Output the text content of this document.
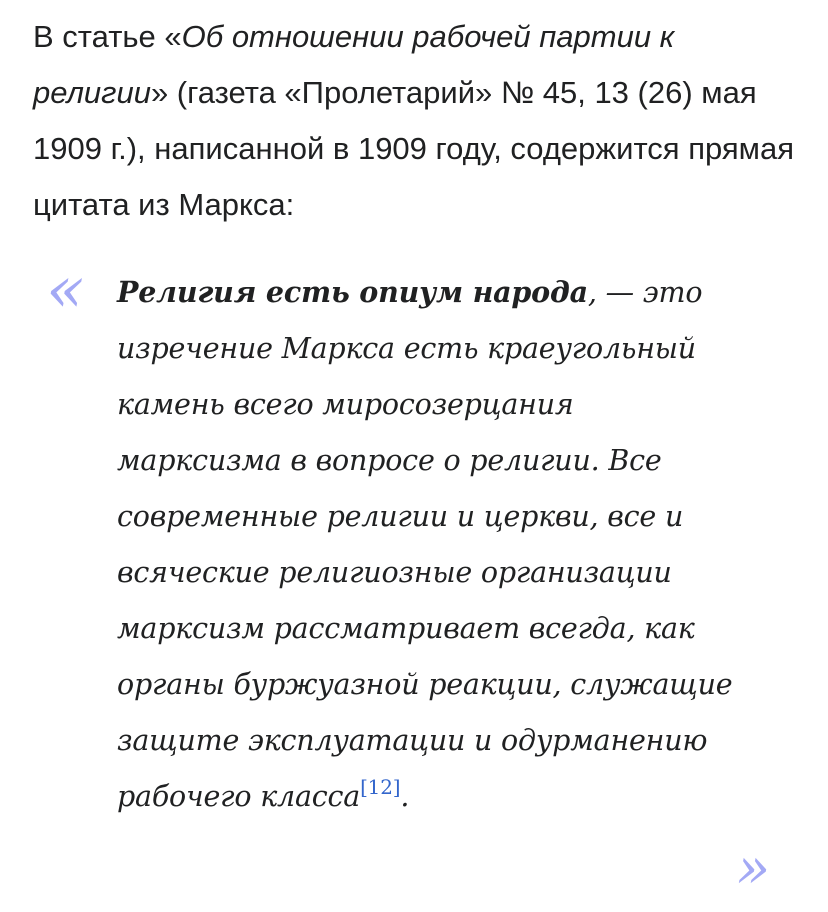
В статье «Об отношении рабочей партии к религии» (газета «Пролетарий» № 45, 13 (26) мая 1909 г.), написанной в 1909 году, содержится прямая цитата из Маркса:

« Религия есть опиум народа, — это изречение Маркса есть краеугольный камень всего миросозерцания марксизма в вопросе о религии. Все современные религии и церкви, все и всяческие религиозные организации марксизм рассматривает всегда, как органы буржуазной реакции, служащие защите эксплуатации и одурманению рабочего класса[12].

»
